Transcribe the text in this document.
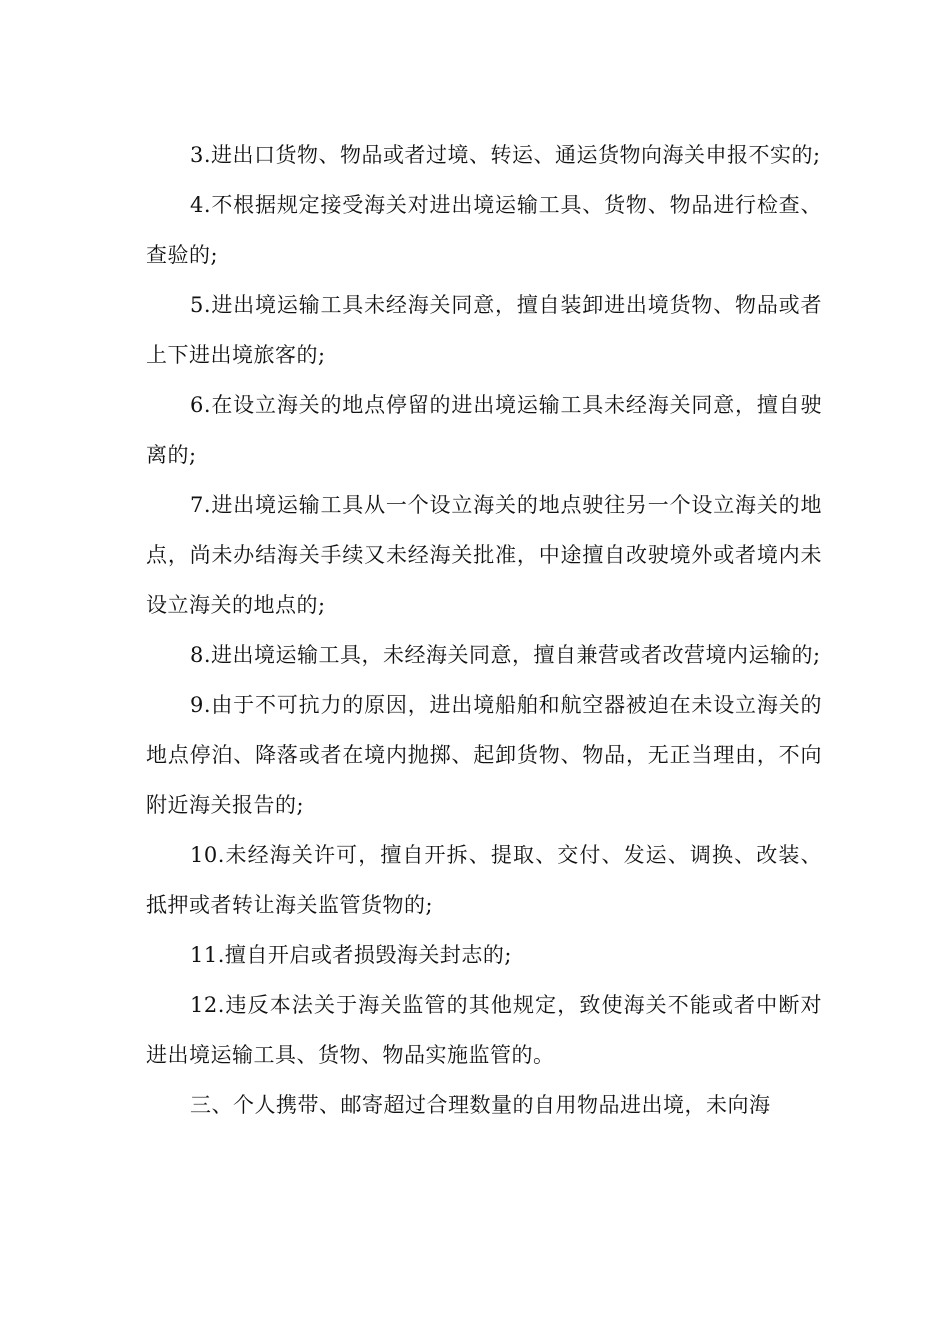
3.进出口货物、物品或者过境、转运、通运货物向海关申报不实的;

4.不根据规定接受海关对进出境运输工具、货物、物品进行检查、查验的;

5.进出境运输工具未经海关同意，擅自装卸进出境货物、物品或者上下进出境旅客的;

6.在设立海关的地点停留的进出境运输工具未经海关同意，擅自驶离的;

7.进出境运输工具从一个设立海关的地点驶往另一个设立海关的地点，尚未办结海关手续又未经海关批准，中途擅自改驶境外或者境内未设立海关的地点的;

8.进出境运输工具，未经海关同意，擅自兼营或者改营境内运输的;

9.由于不可抗力的原因，进出境船舶和航空器被迫在未设立海关的地点停泊、降落或者在境内抛掷、起卸货物、物品，无正当理由，不向附近海关报告的;

10.未经海关许可，擅自开拆、提取、交付、发运、调换、改装、抵押或者转让海关监管货物的;

11.擅自开启或者损毁海关封志的;

12.违反本法关于海关监管的其他规定，致使海关不能或者中断对进出境运输工具、货物、物品实施监管的。

三、个人携带、邮寄超过合理数量的自用物品进出境，未向海
